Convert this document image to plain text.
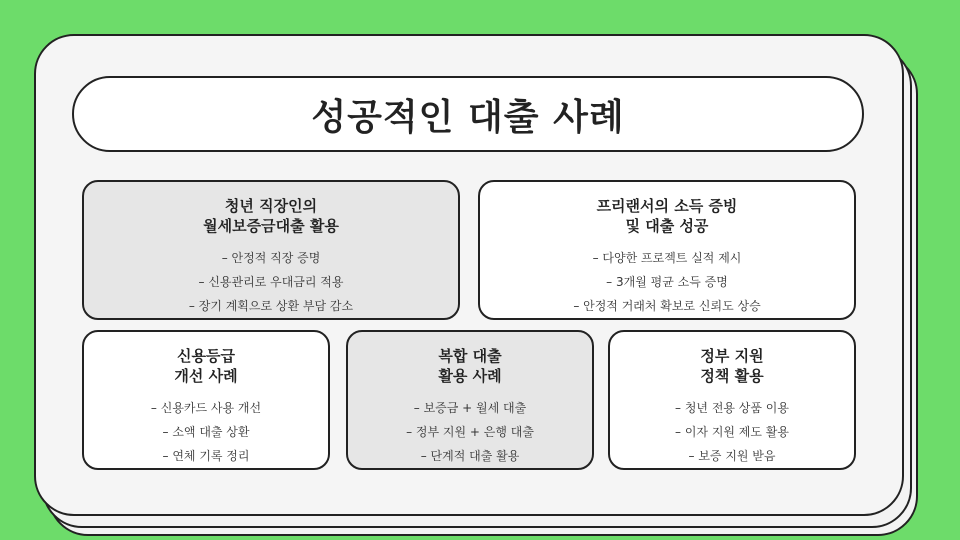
성공적인 대출 사례
청년 직장인의
월세보증금대출 활용
– 안정적 직장 증명
– 신용관리로 우대금리 적용
– 장기 계획으로 상환 부담 감소
프리랜서의 소득 증빙
및 대출 성공
– 다양한 프로젝트 실적 제시
– 3개월 평균 소득 증명
– 안정적 거래처 확보로 신뢰도 상승
신용등급
개선 사례
– 신용카드 사용 개선
– 소액 대출 상환
– 연체 기록 정리
복합 대출
활용 사례
– 보증금 + 월세 대출
– 정부 지원 + 은행 대출
– 단계적 대출 활용
정부 지원
정책 활용
– 청년 전용 상품 이용
– 이자 지원 제도 활용
– 보증 지원 받음
